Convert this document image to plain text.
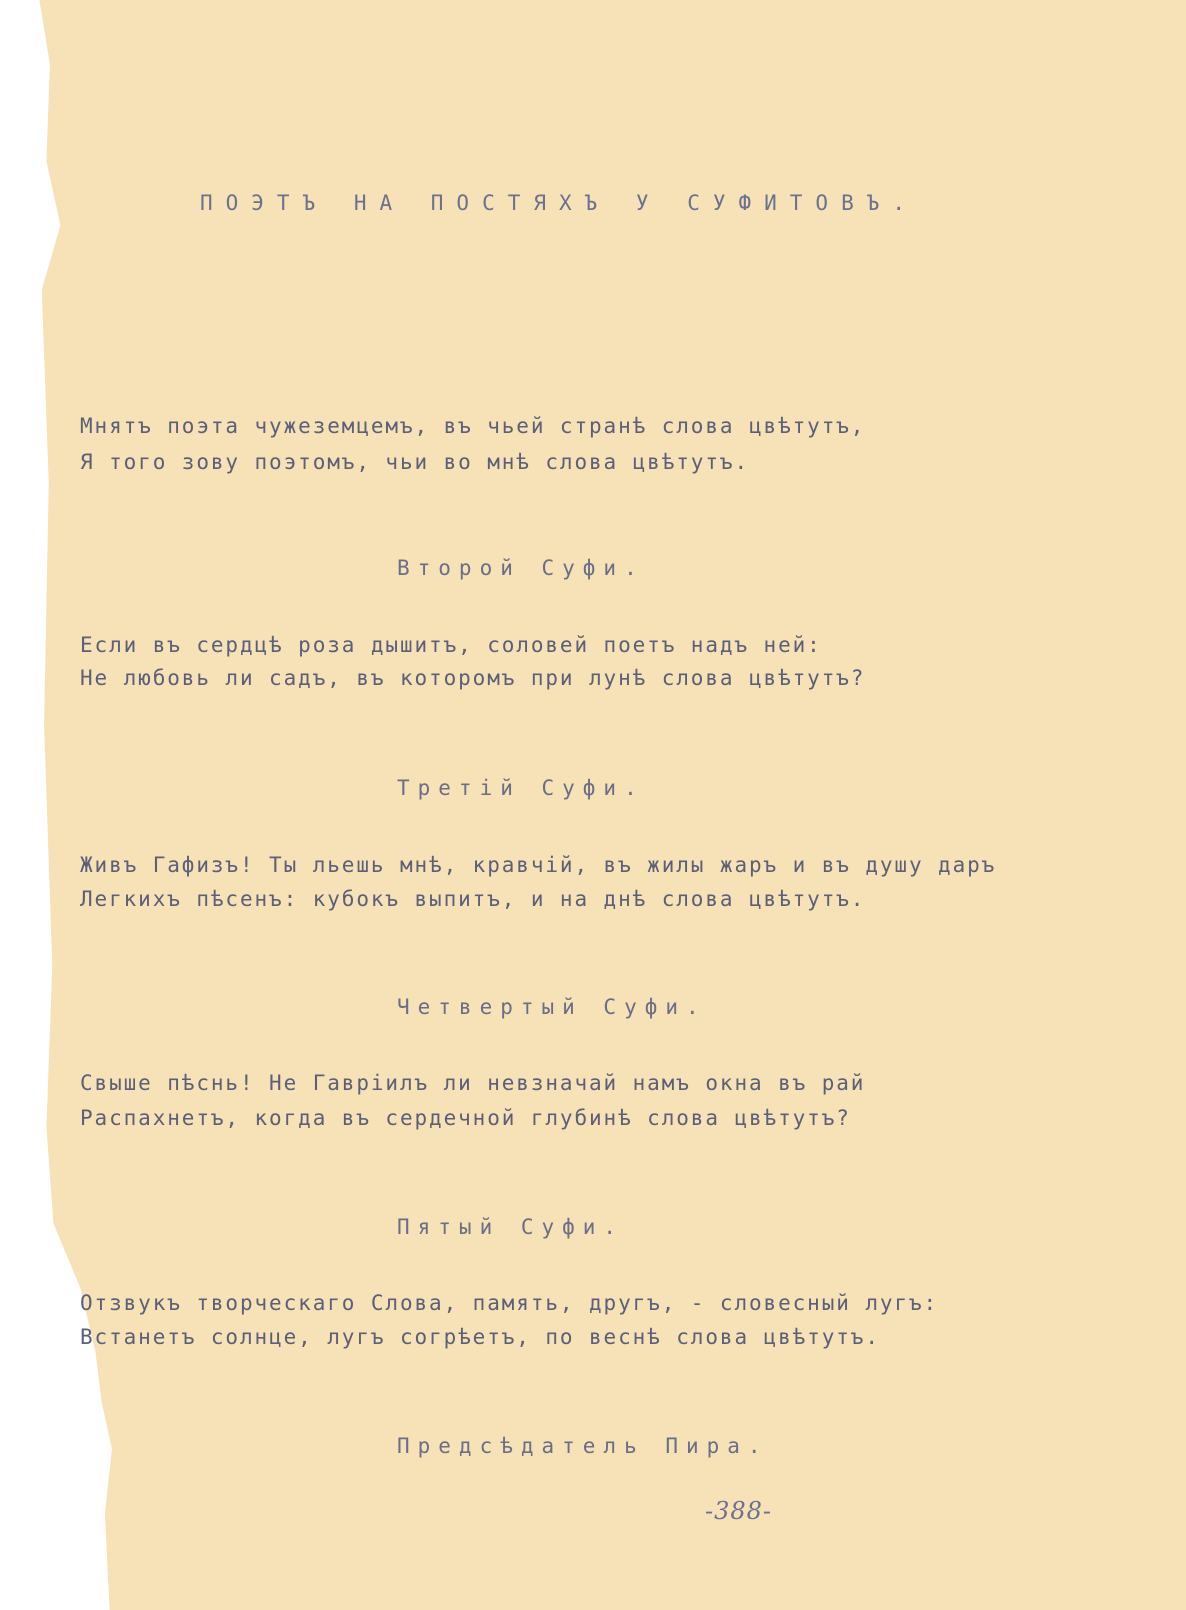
ПОЭТЪ НА ПОСТЯХЪ У СУФИТОВЪ.
Мнятъ поэта чужеземцемъ, въ чьей странѣ слова цвѣтутъ,
Я того зову поэтомъ, чьи во мнѣ слова цвѣтутъ.
Второй Суфи.
Если въ сердцѣ роза дышитъ, соловей поетъ надъ ней:
Не любовь ли садъ, въ которомъ при лунѣ слова цвѣтутъ?
Третій Суфи.
Живъ Гафизъ! Ты льешь мнѣ, кравчій, въ жилы жаръ и въ душу даръ
Легкихъ пѣсенъ: кубокъ выпитъ, и на днѣ слова цвѣтутъ.
Четвертый Суфи.
Свыше пѣснь! Не Гавріилъ ли невзначай намъ окна въ рай
Распахнетъ, когда въ сердечной глубинѣ слова цвѣтутъ?
Пятый Суфи.
Отзвукъ творческаго Слова, память, другъ, - словесный лугъ:
Встанетъ солнце, лугъ согрѣетъ, по веснѣ слова цвѣтутъ.
Предсѣдатель Пира.
-388-
